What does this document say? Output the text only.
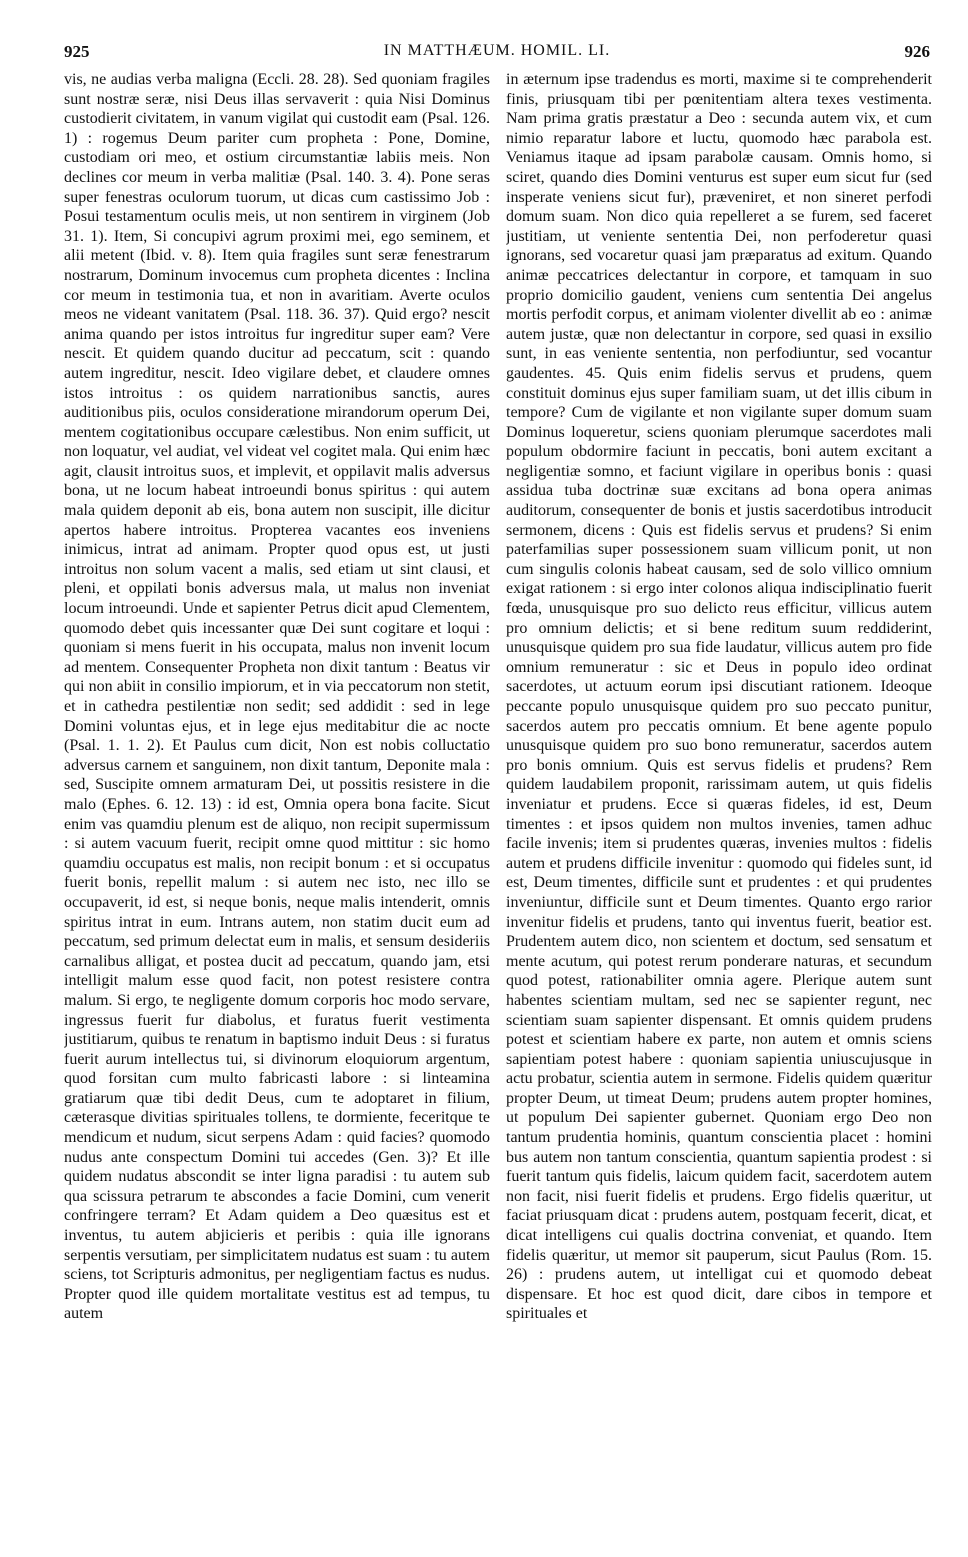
925	IN MATTHÆUM. HOMIL. LI.	926

vis, ne audias verba maligna (Eccli. 28. 28). Sed quoniam fragiles sunt nostræ seræ, nisi Deus illas servaverit : quia Nisi Dominus custodierit civitatem, in vanum vigilat qui custodit eam (Psal. 126. 1) : rogemus Deum pariter cum propheta : Pone, Domine, custodiam ori meo, et ostium circumstantiæ labiis meis. Non declines cor meum in verba malitiæ (Psal. 140. 3. 4). Pone seras super fenestras oculorum tuorum, ut dicas cum castissimo Job : Posui testamentum oculis meis, ut non sentirem in virginem (Job 31. 1). Item, Si concupivi agrum proximi mei, ego seminem, et alii metent (Ibid. v. 8). Item quia fragiles sunt seræ fenestrarum nostrarum, Dominum invocemus cum propheta dicentes : Inclina cor meum in testimonia tua, et non in avaritiam. Averte oculos meos ne videant vanitatem (Psal. 118. 36. 37). Quid ergo? nescit anima quando per istos introitus fur ingreditur super eam? Vere nescit. Et quidem quando ducitur ad peccatum, scit : quando autem ingreditur, nescit. Ideo vigilare debet, et claudere omnes istos introitus : os quidem narrationibus sanctis, aures auditionibus piis, oculos consideratione mirandorum operum Dei, mentem cogitationibus occupare cælestibus. Non enim sufficit, ut non loquatur, vel audiat, vel videat vel cogitet mala. Qui enim hæc agit, clausit introitus suos, et implevit, et oppilavit malis adversus bona, ut ne locum habeat introeundi bonus spiritus : qui autem mala quidem deponit ab eis, bona autem non suscipit, ille dicitur apertos habere introitus. Propterea vacantes eos inveniens inimicus, intrat ad animam. Propter quod opus est, ut justi introitus non solum vacent a malis, sed etiam ut sint clausi, et pleni, et oppilati bonis adversus mala, ut malus non inveniat locum introeundi. Unde et sapienter Petrus dicit apud Clementem, quomodo debet quis incessanter quæ Dei sunt cogitare et loqui : quoniam si mens fuerit in his occupata, malus non invenit locum ad mentem. Consequenter Propheta non dixit tantum : Beatus vir qui non abiit in consilio impiorum, et in via peccatorum non stetit, et in cathedra pestilentiæ non sedit; sed addidit : sed in lege Domini voluntas ejus, et in lege ejus meditabitur die ac nocte (Psal. 1. 1. 2). Et Paulus cum dicit, Non est nobis colluctatio adversus carnem et sanguinem, non dixit tantum, Deponite mala : sed, Suscipite omnem armaturam Dei, ut possitis resistere in die malo (Ephes. 6. 12. 13) : id est, Omnia opera bona facite. Sicut enim vas quamdiu plenum est de aliquo, non recipit supermissum : si autem vacuum fuerit, recipit omne quod mittitur : sic homo quamdiu occupatus est malis, non recipit bonum : et si occupatus fuerit bonis, repellit malum : si autem nec isto, nec illo se occupaverit, id est, si neque bonis, neque malis intenderit, omnis spiritus intrat in eum. Intrans autem, non statim ducit eum ad peccatum, sed primum delectat eum in malis, et sensum desideriis carnalibus alligat, et postea ducit ad peccatum, quando jam, etsi intelligit malum esse quod facit, non potest resistere contra malum. Si ergo, te negligente domum corporis hoc modo servare, ingressus fuerit fur diabolus, et furatus fuerit vestimenta justitiarum, quibus te renatum in baptismo induit Deus : si furatus fuerit aurum intellectus tui, si divinorum eloquiorum argentum, quod forsitan cum multo fabricasti labore : si linteamina gratiarum quæ tibi dedit Deus, cum te adoptaret in filium, cæterasque divitias spirituales tollens, te dormiente, feceritque te mendicum et nudum, sicut serpens Adam : quid facies? quomodo nudus ante conspectum Domini tui accedes (Gen. 3)? Et ille quidem nudatus abscondit se inter ligna paradisi : tu autem sub qua scissura petrarum te abscondes a facie Domini, cum venerit confringere terram? Et Adam quidem a Deo quæsitus est et inventus, tu autem abjicieris et peribis : quia ille ignorans serpentis versutiam, per simplicitatem nudatus est suam : tu autem sciens, tot Scripturis admonitus, per negligentiam factus es nudus. Propter quod ille quidem mortalitate vestitus est ad tempus, tu autem

in æternum ipse tradendus es morti, maxime si te comprehenderit finis, priusquam tibi per pœnitentiam altera texes vestimenta. Nam prima gratis præstatur a Deo : secunda autem vix, et cum nimio reparatur labore et luctu, quomodo hæc parabola est. Veniamus itaque ad ipsam parabolæ causam. Omnis homo, si sciret, quando dies Domini venturus est super eum sicut fur (sed insperate veniens sicut fur), præveniret, et non sineret perfodi domum suam. Non dico quia repelleret a se furem, sed faceret justitiam, ut veniente sententia Dei, non perfoderetur quasi ignorans, sed vocaretur quasi jam præparatus ad exitum. Quando animæ peccatrices delectantur in corpore, et tamquam in suo proprio domicilio gaudent, veniens cum sententia Dei angelus mortis perfodit corpus, et animam violenter divellit ab eo : animæ autem justæ, quæ non delectantur in corpore, sed quasi in exsilio sunt, in eas veniente sententia, non perfodiuntur, sed vocantur gaudentes. 45. Quis enim fidelis servus et prudens, quem constituit dominus ejus super familiam suam, ut det illis cibum in tempore? Cum de vigilante et non vigilante super domum suam Dominus loqueretur, sciens quoniam plerumque sacerdotes mali populum obdormire faciunt in peccatis, boni autem excitant a negligentiæ somno, et faciunt vigilare in operibus bonis : quasi assidua tuba doctrinæ suæ excitans ad bona opera animas auditorum, consequenter de bonis et justis sacerdotibus introducit sermonem, dicens : Quis est fidelis servus et prudens? Si enim paterfamilias super possessionem suam villicum ponit, ut non cum singulis colonis habeat causam, sed de solo villico omnium exigat rationem : si ergo inter colonos aliqua indisciplinatio fuerit fœda, unusquisque pro suo delicto reus efficitur, villicus autem pro omnium delictis; et si bene reditum suum reddiderint, unusquisque quidem pro sua fide laudatur, villicus autem pro fide omnium remuneratur : sic et Deus in populo ideo ordinat sacerdotes, ut actuum eorum ipsi discutiant rationem. Ideoque peccante populo unusquisque quidem pro suo peccato punitur, sacerdos autem pro peccatis omnium. Et bene agente populo unusquisque quidem pro suo bono remuneratur, sacerdos autem pro bonis omnium. Quis est servus fidelis et prudens? Rem quidem laudabilem proponit, rarissimam autem, ut quis fidelis inveniatur et prudens. Ecce si quæras fideles, id est, Deum timentes : et ipsos quidem non multos invenies, tamen adhuc facile invenis; item si prudentes quæras, invenies multos : fidelis autem et prudens difficile invenitur : quomodo qui fideles sunt, id est, Deum timentes, difficile sunt et prudentes : et qui prudentes inveniuntur, difficile sunt et Deum timentes. Quanto ergo rarior invenitur fidelis et prudens, tanto qui inventus fuerit, beatior est. Prudentem autem dico, non scientem et doctum, sed sensatum et mente acutum, qui potest rerum ponderare naturas, et secundum quod potest, rationabiliter omnia agere. Plerique autem sunt habentes scientiam multam, sed nec se sapienter regunt, nec scientiam suam sapienter dispensant. Et omnis quidem prudens potest et scientiam habere ex parte, non autem et omnis sciens sapientiam potest habere : quoniam sapientia uniuscujusque in actu probatur, scientia autem in sermone. Fidelis quidem quæritur propter Deum, ut timeat Deum; prudens autem propter homines, ut populum Dei sapienter gubernet. Quoniam ergo Deo non tantum prudentia hominis, quantum conscientia placet : homini bus autem non tantum conscientia, quantum sapientia prodest : si fuerit tantum quis fidelis, laicum quidem facit, sacerdotem autem non facit, nisi fuerit fidelis et prudens. Ergo fidelis quæritur, ut faciat priusquam dicat : prudens autem, postquam fecerit, dicat, et dicat intelligens cui qualis doctrina conveniat, et quando. Item fidelis quæritur, ut memor sit pauperum, sicut Paulus (Rom. 15. 26) : prudens autem, ut intelligat cui et quomodo debeat dispensare. Et hoc est quod dicit, dare cibos in tempore et spirituales et
